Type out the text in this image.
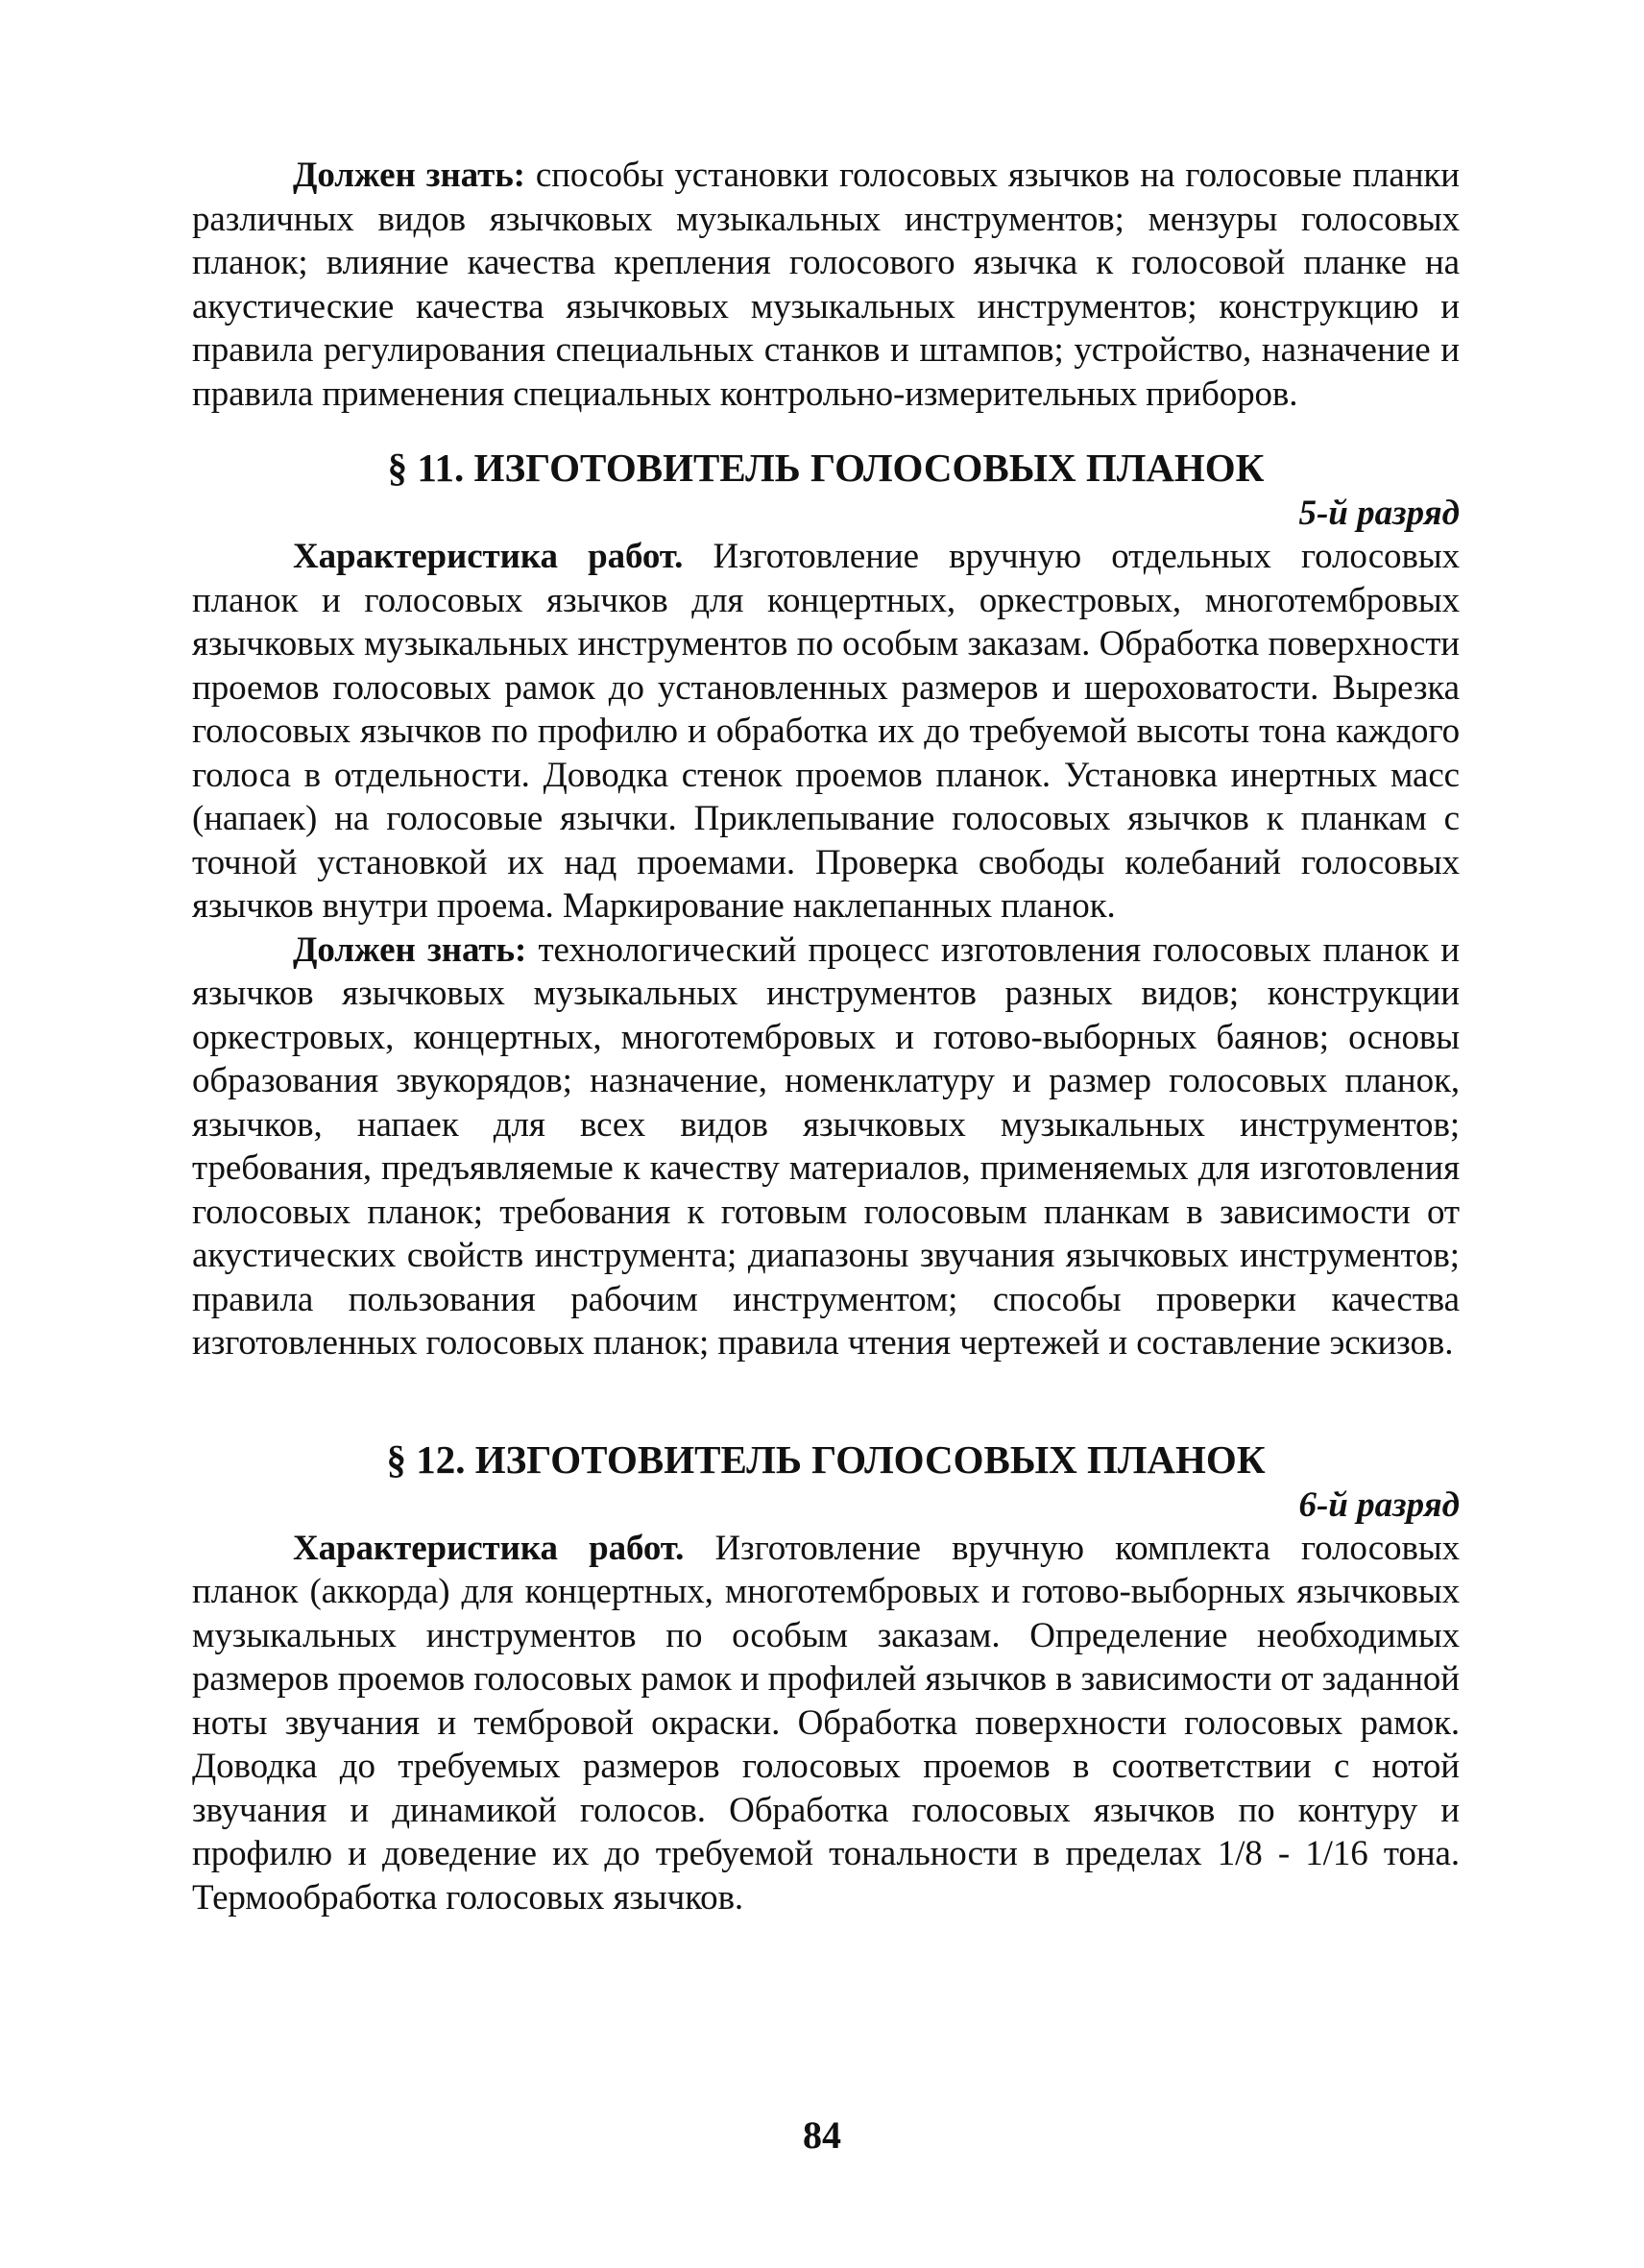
Должен знать: способы установки голосовых язычков на голосовые планки различных видов язычковых музыкальных инструментов; мензуры голосовых планок; влияние качества крепления голосового язычка к голосовой планке на акустические качества язычковых музыкальных инструментов; конструкцию и правила регулирования специальных станков и штампов; устройство, назначение и правила применения специальных контрольно-измерительных приборов.

§ 11. ИЗГОТОВИТЕЛЬ ГОЛОСОВЫХ ПЛАНОК

5-й разряд

Характеристика работ. Изготовление вручную отдельных голосовых планок и голосовых язычков для концертных, оркестровых, многотембровых язычковых музыкальных инструментов по особым заказам. Обработка поверхности проемов голосовых рамок до установленных размеров и шероховатости. Вырезка голосовых язычков по профилю и обработка их до требуемой высоты тона каждого голоса в отдельности. Доводка стенок проемов планок. Установка инертных масс (напаек) на голосовые язычки. Приклепывание голосовых язычков к планкам с точной установкой их над проемами. Проверка свободы колебаний голосовых язычков внутри проема. Маркирование наклепанных планок.

Должен знать: технологический процесс изготовления голосовых планок и язычков язычковых музыкальных инструментов разных видов; конструкции оркестровых, концертных, многотембровых и готово-выборных баянов; основы образования звукорядов; назначение, номенклатуру и размер голосовых планок, язычков, напаек для всех видов язычковых музыкальных инструментов; требования, предъявляемые к качеству материалов, применяемых для изготовления голосовых планок; требования к готовым голосовым планкам в зависимости от акустических свойств инструмента; диапазоны звучания язычковых инструментов; правила пользования рабочим инструментом; способы проверки качества изготовленных голосовых планок; правила чтения чертежей и составление эскизов.

§ 12. ИЗГОТОВИТЕЛЬ ГОЛОСОВЫХ ПЛАНОК

6-й разряд

Характеристика работ. Изготовление вручную комплекта голосовых планок (аккорда) для концертных, многотембровых и готово-выборных язычковых музыкальных инструментов по особым заказам. Определение необходимых размеров проемов голосовых рамок и профилей язычков в зависимости от заданной ноты звучания и тембровой окраски. Обработка поверхности голосовых рамок. Доводка до требуемых размеров голосовых проемов в соответствии с нотой звучания и динамикой голосов. Обработка голосовых язычков по контуру и профилю и доведение их до требуемой тональности в пределах 1/8 - 1/16 тона. Термообработка голосовых язычков.

84
